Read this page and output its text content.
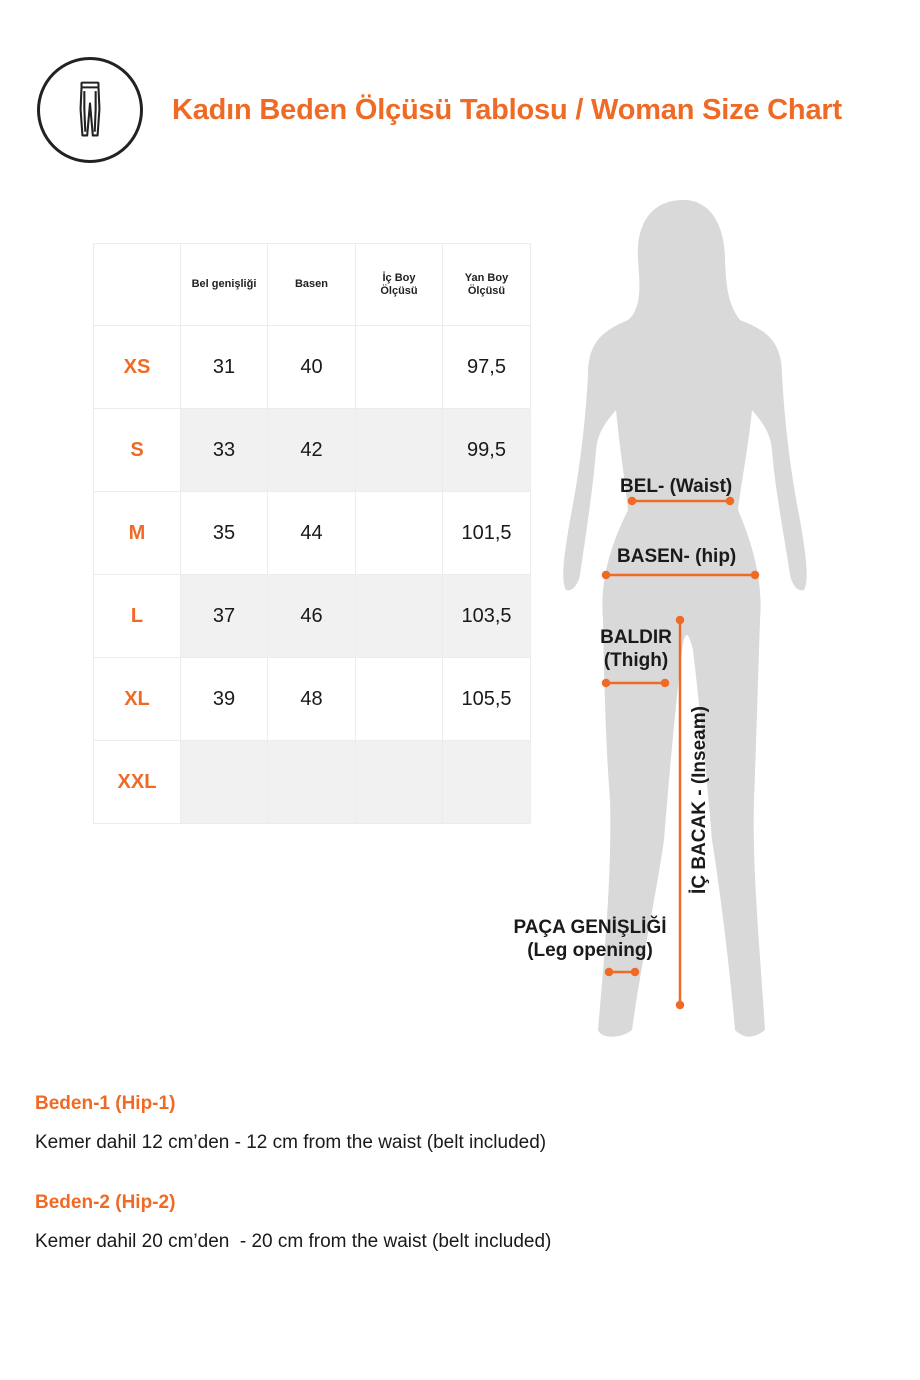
Kadın Beden Ölçüsü Tablosu / Woman Size Chart
	Bel genişliği	Basen	İç Boy Ölçüsü	Yan Boy Ölçüsü

XS	31	40		97,5
S	33	42		99,5
M	35	44		101,5
L	37	46		103,5
XL	39	48		105,5
XXL				
BEL- (Waist)
BASEN- (hip)
BALDIR
(Thigh)
İÇ BACAK - (Inseam)
PAÇA GENİŞLİĞİ
(Leg opening)
Beden-1 (Hip-1)
Kemer dahil 12 cm’den - 12 cm from the waist (belt included)
Beden-2 (Hip-2)
Kemer dahil 20 cm’den  - 20 cm from the waist (belt included)
